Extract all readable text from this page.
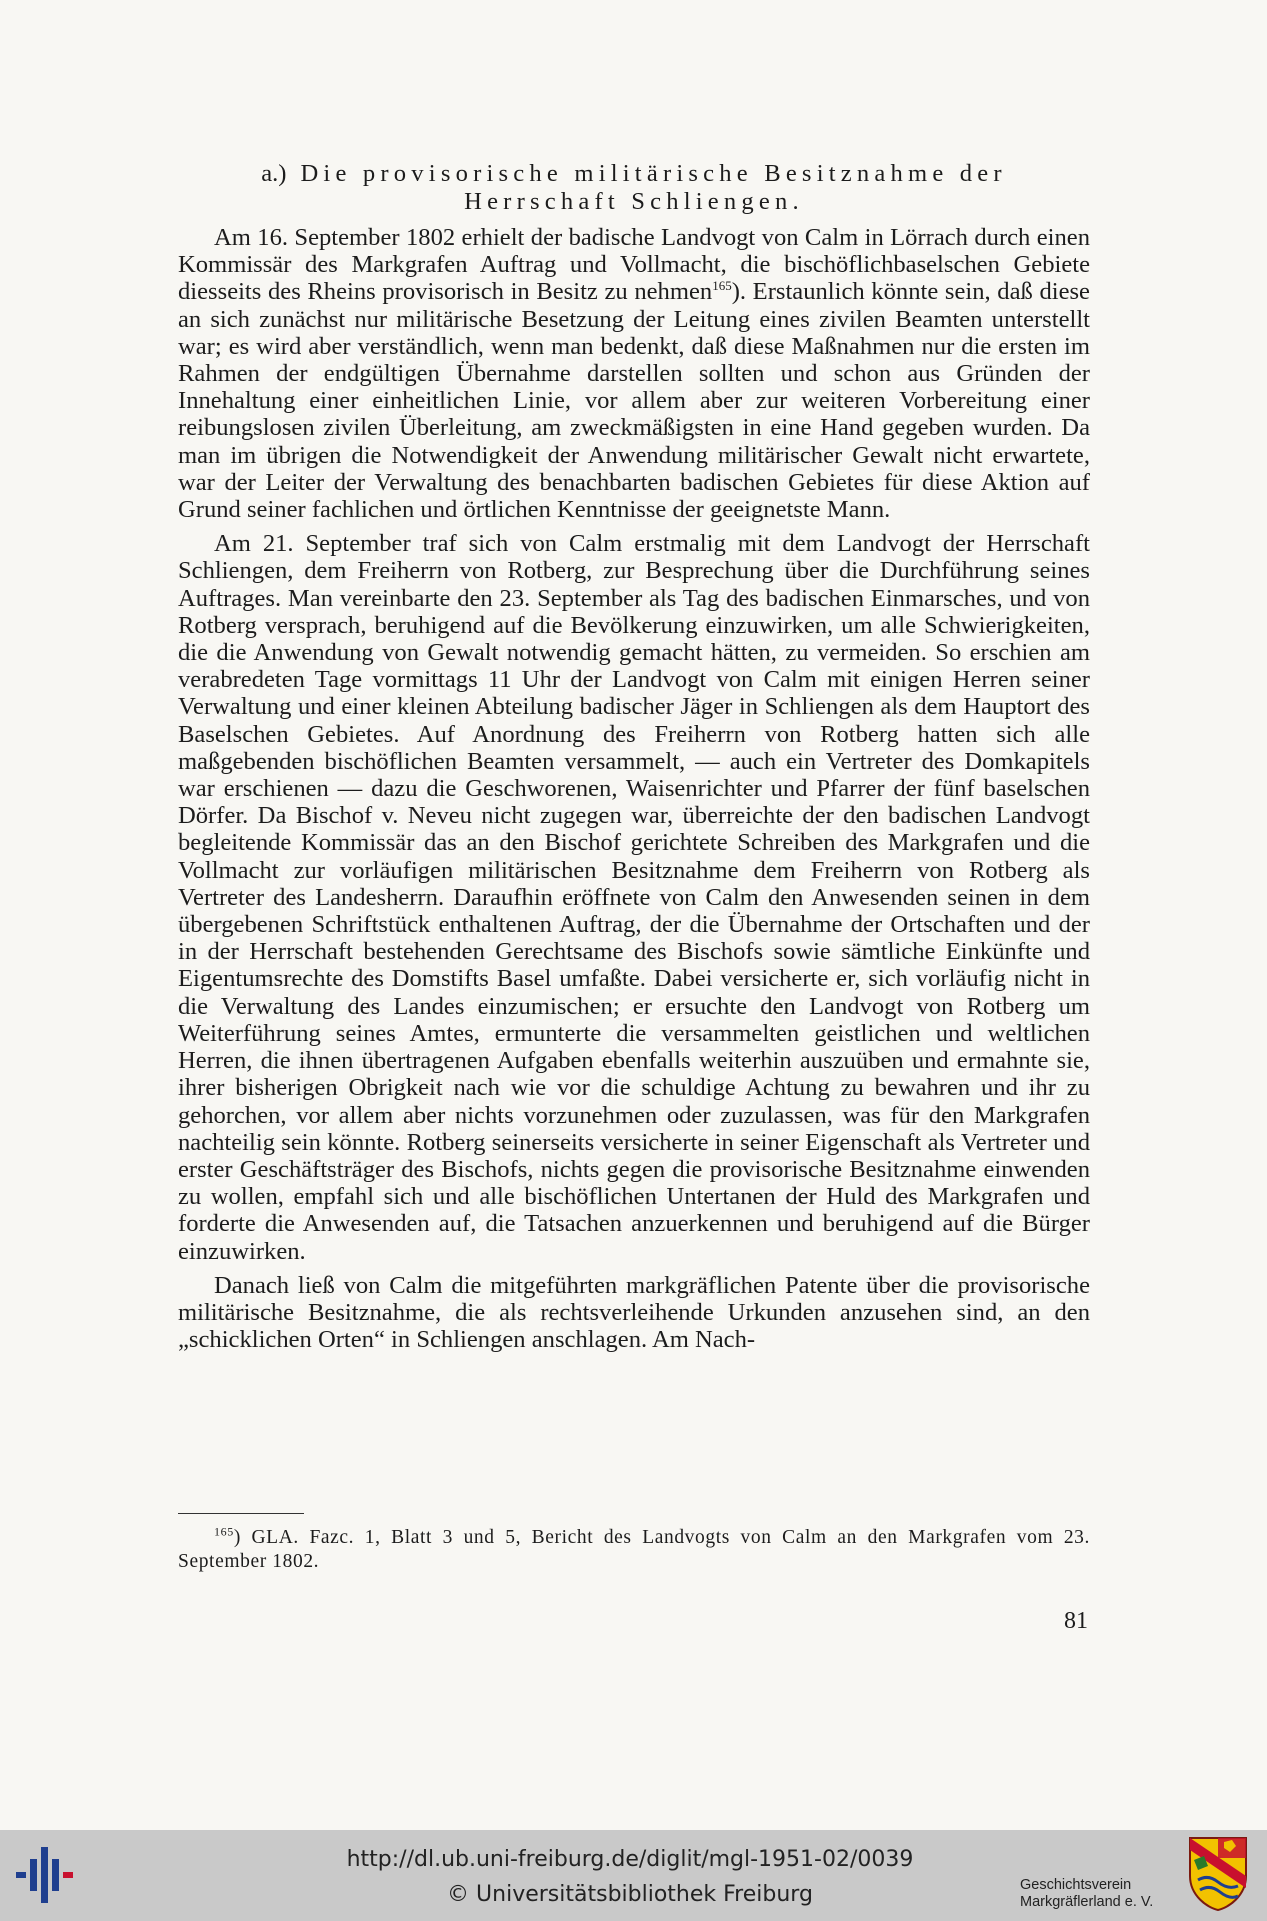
a.) Die provisorische militärische Besitznahme der Herrschaft Schliengen.

Am 16. September 1802 erhielt der badische Landvogt von Calm in Lörrach durch einen Kommissär des Markgrafen Auftrag und Vollmacht, die bischöflichbaselschen Gebiete diesseits des Rheins provisorisch in Besitz zu nehmen$^{165}$). Erstaunlich könnte sein, daß diese an sich zunächst nur militärische Besetzung der Leitung eines zivilen Beamten unterstellt war; es wird aber verständlich, wenn man bedenkt, daß diese Maßnahmen nur die ersten im Rahmen der endgültigen Übernahme darstellen sollten und schon aus Gründen der Innehaltung einer einheitlichen Linie, vor allem aber zur weiteren Vorbereitung einer reibungslosen zivilen Überleitung, am zweckmäßigsten in eine Hand gegeben wurden. Da man im übrigen die Notwendigkeit der Anwendung militärischer Gewalt nicht erwartete, war der Leiter der Verwaltung des benachbarten badischen Gebietes für diese Aktion auf Grund seiner fachlichen und örtlichen Kenntnisse der geeignetste Mann.

Am 21. September traf sich von Calm erstmalig mit dem Landvogt der Herrschaft Schliengen, dem Freiherrn von Rotberg, zur Besprechung über die Durchführung seines Auftrages. Man vereinbarte den 23. September als Tag des badischen Einmarsches, und von Rotberg versprach, beruhigend auf die Bevölkerung einzuwirken, um alle Schwierigkeiten, die die Anwendung von Gewalt notwendig gemacht hätten, zu vermeiden. So erschien am verabredeten Tage vormittags 11 Uhr der Landvogt von Calm mit einigen Herren seiner Verwaltung und einer kleinen Abteilung badischer Jäger in Schliengen als dem Hauptort des Baselschen Gebietes. Auf Anordnung des Freiherrn von Rotberg hatten sich alle maßgebenden bischöflichen Beamten versammelt, — auch ein Vertreter des Domkapitels war erschienen — dazu die Geschworenen, Waisenrichter und Pfarrer der fünf baselschen Dörfer. Da Bischof v. Neveu nicht zugegen war, überreichte der den badischen Landvogt begleitende Kommissär das an den Bischof gerichtete Schreiben des Markgrafen und die Vollmacht zur vorläufigen militärischen Besitznahme dem Freiherrn von Rotberg als Vertreter des Landesherrn. Daraufhin eröffnete von Calm den Anwesenden seinen in dem übergebenen Schriftstück enthaltenen Auftrag, der die Übernahme der Ortschaften und der in der Herrschaft bestehenden Gerechtsame des Bischofs sowie sämtliche Einkünfte und Eigentumsrechte des Domstifts Basel umfaßte. Dabei versicherte er, sich vorläufig nicht in die Verwaltung des Landes einzumischen; er ersuchte den Landvogt von Rotberg um Weiterführung seines Amtes, ermunterte die versammelten geistlichen und weltlichen Herren, die ihnen übertragenen Aufgaben ebenfalls weiterhin auszuüben und ermahnte sie, ihrer bisherigen Obrigkeit nach wie vor die schuldige Achtung zu bewahren und ihr zu gehorchen, vor allem aber nichts vorzunehmen oder zuzulassen, was für den Markgrafen nachteilig sein könnte. Rotberg seinerseits versicherte in seiner Eigenschaft als Vertreter und erster Geschäftsträger des Bischofs, nichts gegen die provisorische Besitznahme einwenden zu wollen, empfahl sich und alle bischöflichen Untertanen der Huld des Markgrafen und forderte die Anwesenden auf, die Tatsachen anzuerkennen und beruhigend auf die Bürger einzuwirken.

Danach ließ von Calm die mitgeführten markgräflichen Patente über die provisorische militärische Besitznahme, die als rechtsverleihende Urkunden anzusehen sind, an den „schicklichen Orten“ in Schliengen anschlagen. Am Nach-

$^{165}$) GLA. Fazc. 1, Blatt 3 und 5, Bericht des Landvogts von Calm an den Markgrafen vom 23. September 1802.
81
http://dl.ub.uni-freiburg.de/diglit/mgl-1951-02/0039
© Universitätsbibliothek Freiburg	Geschichtsverein
Markgräflerland e. V.
